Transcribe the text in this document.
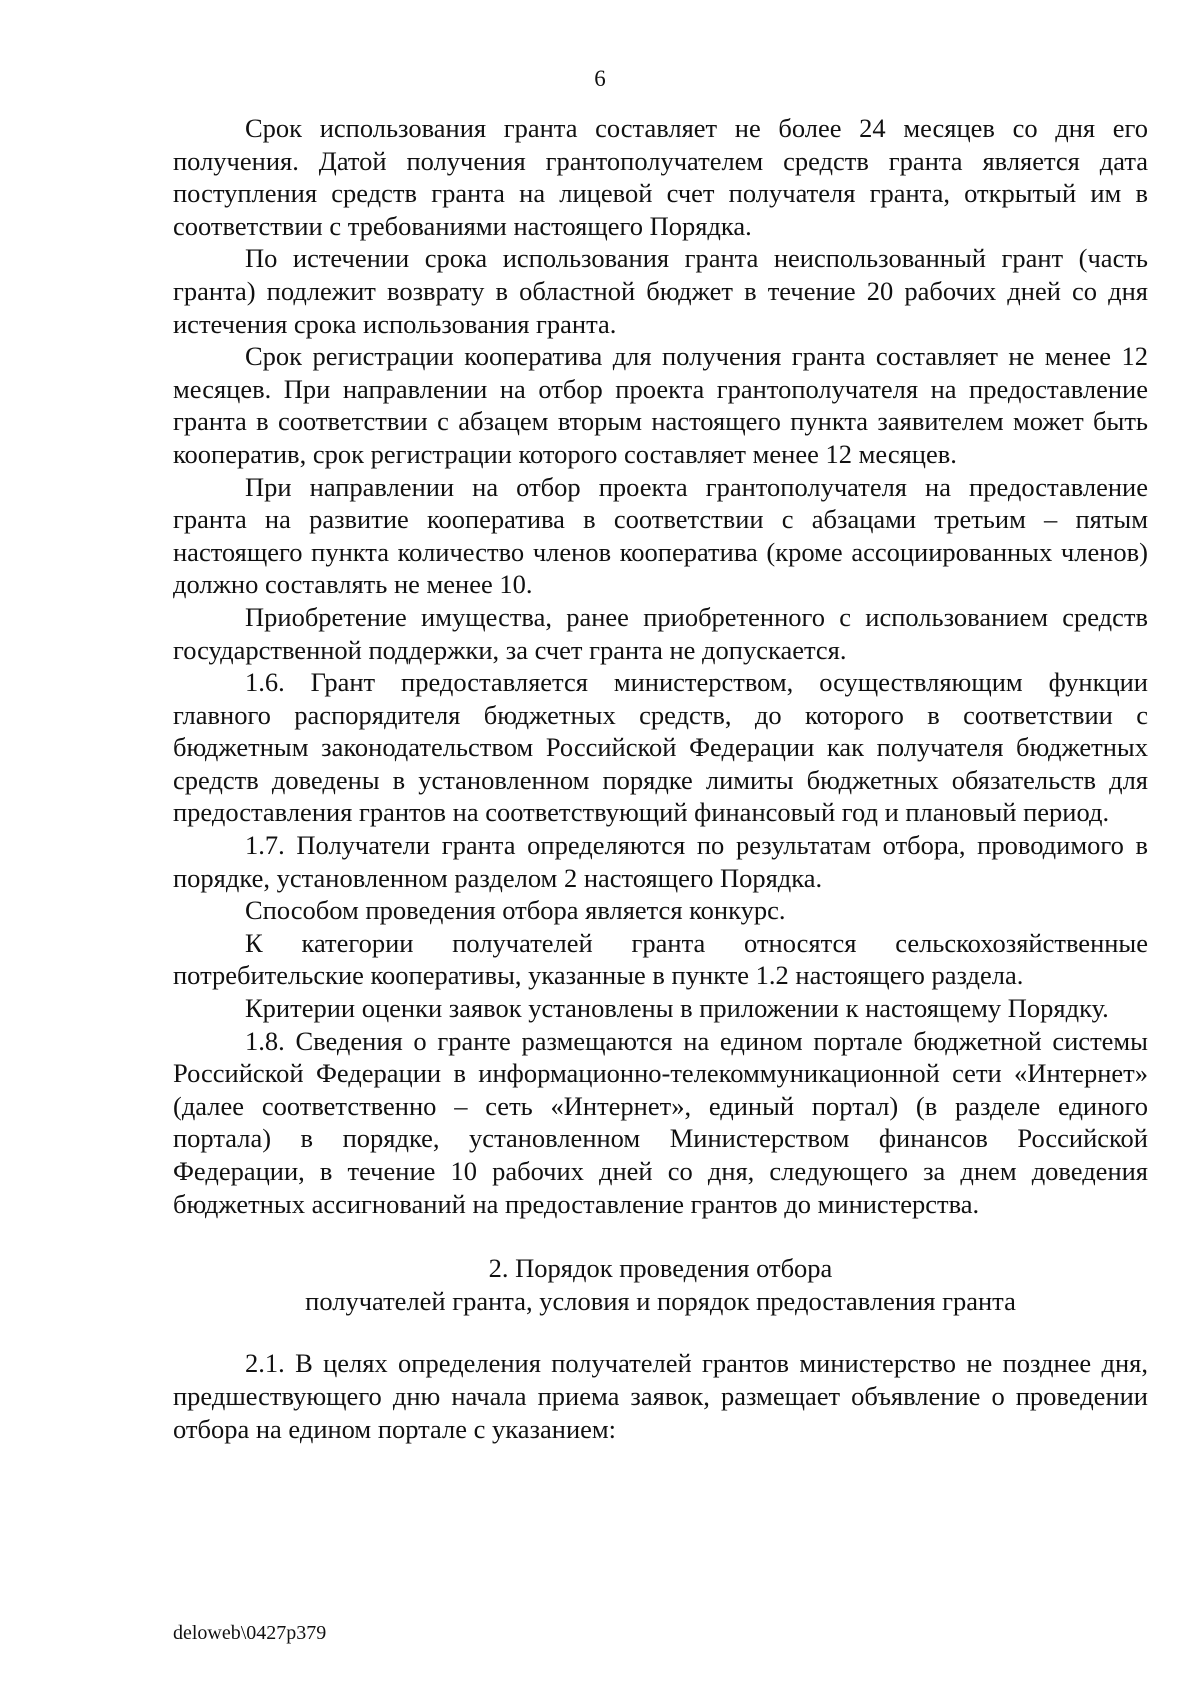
6

Срок использования гранта составляет не более 24 месяцев со дня его получения. Датой получения грантополучателем средств гранта является дата поступления средств гранта на лицевой счет получателя гранта, открытый им в соответствии с требованиями настоящего Порядка.

По истечении срока использования гранта неиспользованный грант (часть гранта) подлежит возврату в областной бюджет в течение 20 рабочих дней со дня истечения срока использования гранта.

Срок регистрации кооператива для получения гранта составляет не менее 12 месяцев. При направлении на отбор проекта грантополучателя на предоставление гранта в соответствии с абзацем вторым настоящего пункта заявителем может быть кооператив, срок регистрации которого составляет менее 12 месяцев.

При направлении на отбор проекта грантополучателя на предоставление гранта на развитие кооператива в соответствии с абзацами третьим – пятым настоящего пункта количество членов кооператива (кроме ассоциированных членов) должно составлять не менее 10.

Приобретение имущества, ранее приобретенного с использованием средств государственной поддержки, за счет гранта не допускается.

1.6. Грант предоставляется министерством, осуществляющим функции главного распорядителя бюджетных средств, до которого в соответствии с бюджетным законодательством Российской Федерации как получателя бюджетных средств доведены в установленном порядке лимиты бюджетных обязательств для предоставления грантов на соответствующий финансовый год и плановый период.

1.7. Получатели гранта определяются по результатам отбора, проводимого в порядке, установленном разделом 2 настоящего Порядка.

Способом проведения отбора является конкурс.

К категории получателей гранта относятся сельскохозяйственные потребительские кооперативы, указанные в пункте 1.2 настоящего раздела.

Критерии оценки заявок установлены в приложении к настоящему Порядку.

1.8. Сведения о гранте размещаются на едином портале бюджетной системы Российской Федерации в информационно-телекоммуникационной сети «Интернет» (далее соответственно – сеть «Интернет», единый портал) (в разделе единого портала) в порядке, установленном Министерством финансов Российской Федерации, в течение 10 рабочих дней со дня, следующего за днем доведения бюджетных ассигнований на предоставление грантов до министерства.

2. Порядок проведения отбора
получателей гранта, условия и порядок предоставления гранта

2.1. В целях определения получателей грантов министерство не позднее дня, предшествующего дню начала приема заявок, размещает объявление о проведении отбора на едином портале с указанием:

deloweb\0427p379
